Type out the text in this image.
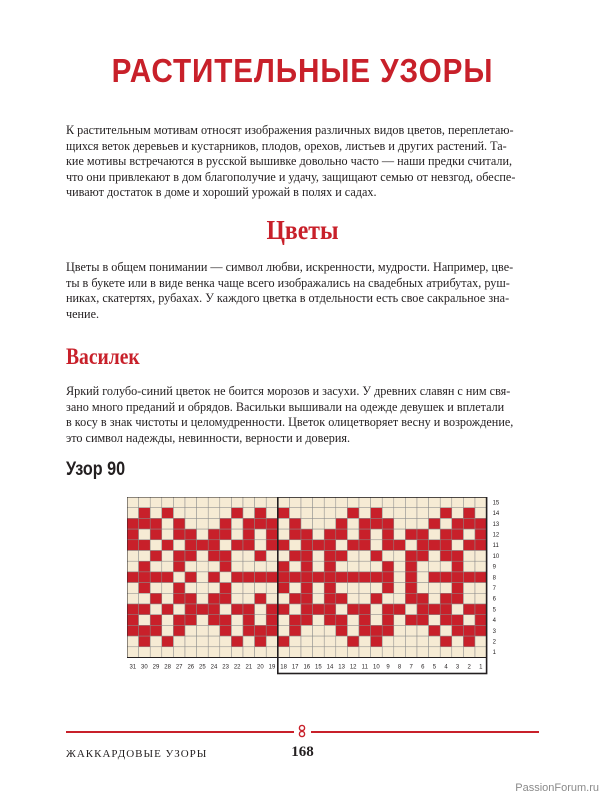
РАСТИТЕЛЬНЫЕ УЗОРЫ
К растительным мотивам относят изображения различных видов цветов, переплетаю-
щихся веток деревьев и кустарников, плодов, орехов, листьев и других растений. Та-
кие мотивы встречаются в русской вышивке довольно часто — наши предки считали,
что они привлекают в дом благополучие и удачу, защищают семью от невзгод, обеспе-
чивают достаток в доме и хороший урожай в полях и садах.
Цветы
Цветы в общем понимании — символ любви, искренности, мудрости. Например, цве-
ты в букете или в виде венка чаще всего изображались на свадебных атрибутах, руш-
никах, скатертях, рубахах. У каждого цветка в отдельности есть свое сакральное зна-
чение.
Василек
Яркий голубо-синий цветок не боится морозов и засухи. У древних славян с ним свя-
зано много преданий и обрядов. Васильки вышивали на одежде девушек и вплетали
в косу в знак чистоты и целомудренности. Цветок олицетворяет весну и возрождение,
это символ надежды, невинности, верности и доверия.
Узор 90
31 30 29 28 27 26 25 24 23 22 21 20 19 18 17 16 15 14 13 12 11 10 9 8 7 6 5 4 3 2 1
15
14
13
12
11
10
9
8
7
6
5
4
3
2
1
ЖАККАРДОВЫЕ УЗОРЫ	168
PassionForum.ru
